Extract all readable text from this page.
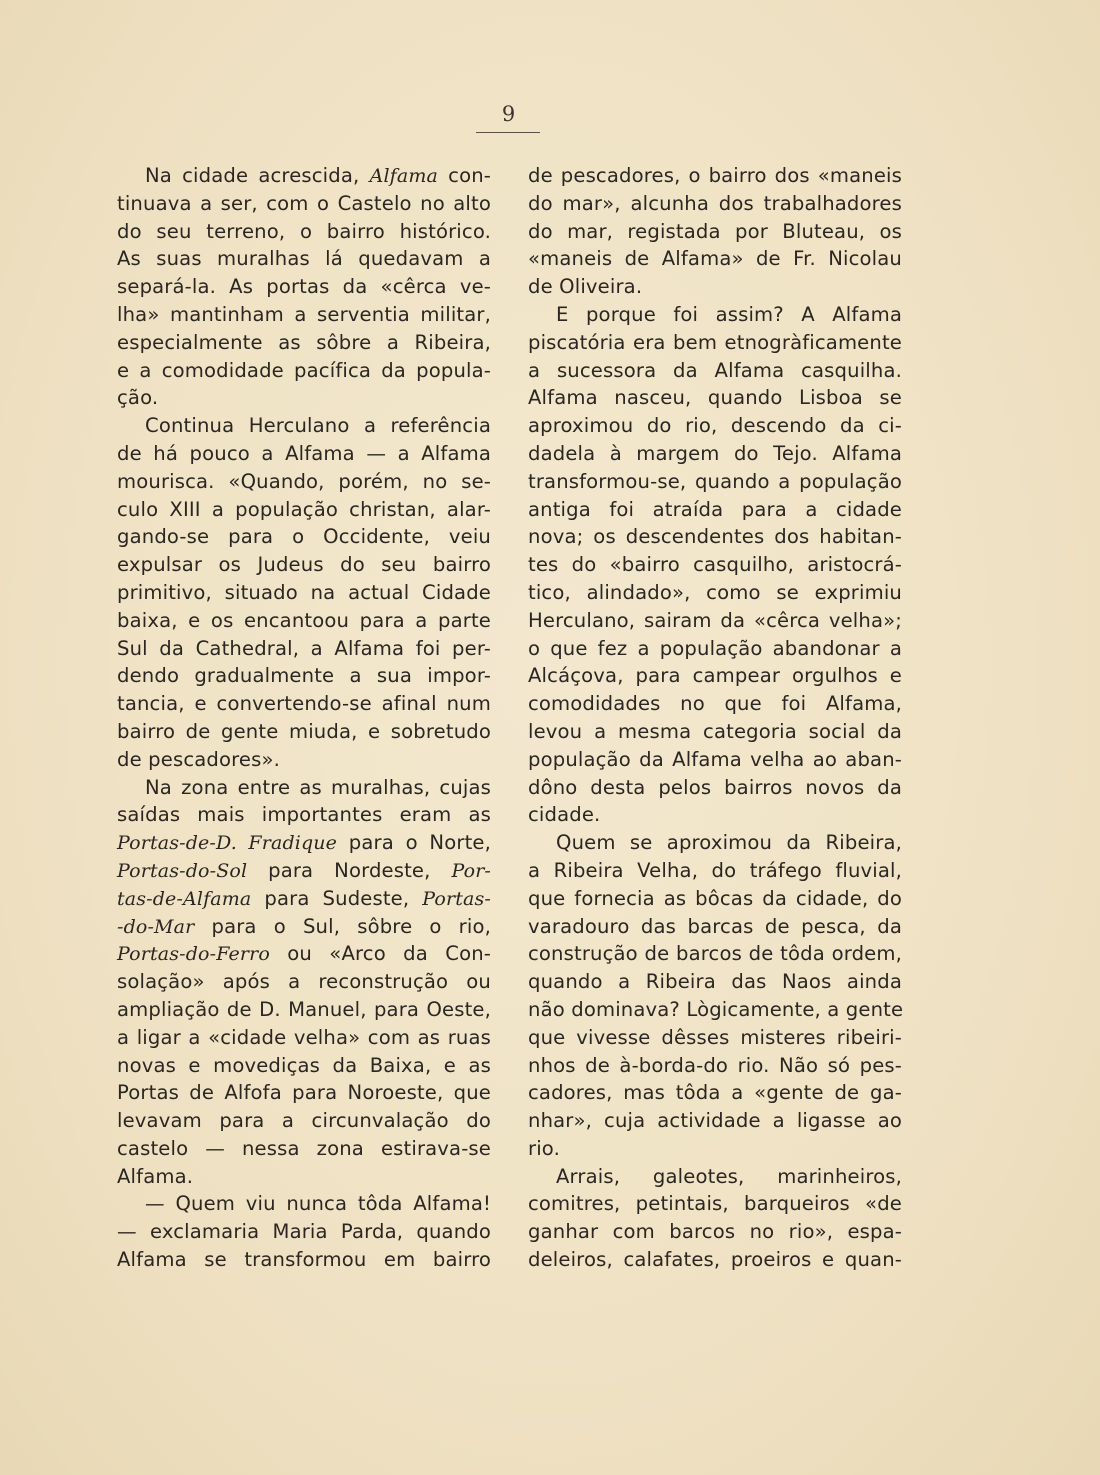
9
Na cidade acrescida, Alfama con-
tinuava a ser, com o Castelo no alto
do seu terreno, o bairro histórico.
As suas muralhas lá quedavam a
separá-la. As portas da «cêrca ve-
lha» mantinham a serventia militar,
especialmente as sôbre a Ribeira,
e a comodidade pacífica da popula-
ção.
Continua Herculano a referência
de há pouco a Alfama — a Alfama
mourisca. «Quando, porém, no se-
culo XIII a população christan, alar-
gando-se para o Occidente, veiu
expulsar os Judeus do seu bairro
primitivo, situado na actual Cidade
baixa, e os encantoou para a parte
Sul da Cathedral, a Alfama foi per-
dendo gradualmente a sua impor-
tancia, e convertendo-se afinal num
bairro de gente miuda, e sobretudo
de pescadores».
Na zona entre as muralhas, cujas
saídas mais importantes eram as
Portas-de-D. Fradique para o Norte,
Portas-do-Sol para Nordeste, Por-
tas-de-Alfama para Sudeste, Portas-
-do-Mar para o Sul, sôbre o rio,
Portas-do-Ferro ou «Arco da Con-
solação» após a reconstrução ou
ampliação de D. Manuel, para Oeste,
a ligar a «cidade velha» com as ruas
novas e movediças da Baixa, e as
Portas de Alfofa para Noroeste, que
levavam para a circunvalação do
castelo — nessa zona estirava-se
Alfama.
— Quem viu nunca tôda Alfama!
— exclamaria Maria Parda, quando
Alfama se transformou em bairro
de pescadores, o bairro dos «maneis
do mar», alcunha dos trabalhadores
do mar, registada por Bluteau, os
«maneis de Alfama» de Fr. Nicolau
de Oliveira.
E porque foi assim? A Alfama
piscatória era bem etnogràficamente
a sucessora da Alfama casquilha.
Alfama nasceu, quando Lisboa se
aproximou do rio, descendo da ci-
dadela à margem do Tejo. Alfama
transformou-se, quando a população
antiga foi atraída para a cidade
nova; os descendentes dos habitan-
tes do «bairro casquilho, aristocrá-
tico, alindado», como se exprimiu
Herculano, sairam da «cêrca velha»;
o que fez a população abandonar a
Alcáçova, para campear orgulhos e
comodidades no que foi Alfama,
levou a mesma categoria social da
população da Alfama velha ao aban-
dôno desta pelos bairros novos da
cidade.
Quem se aproximou da Ribeira,
a Ribeira Velha, do tráfego fluvial,
que fornecia as bôcas da cidade, do
varadouro das barcas de pesca, da
construção de barcos de tôda ordem,
quando a Ribeira das Naos ainda
não dominava? Lògicamente, a gente
que vivesse dêsses misteres ribeiri-
nhos de à-borda-do rio. Não só pes-
cadores, mas tôda a «gente de ga-
nhar», cuja actividade a ligasse ao
rio.
Arrais, galeotes, marinheiros,
comitres, petintais, barqueiros «de
ganhar com barcos no rio», espa-
deleiros, calafates, proeiros e quan-
